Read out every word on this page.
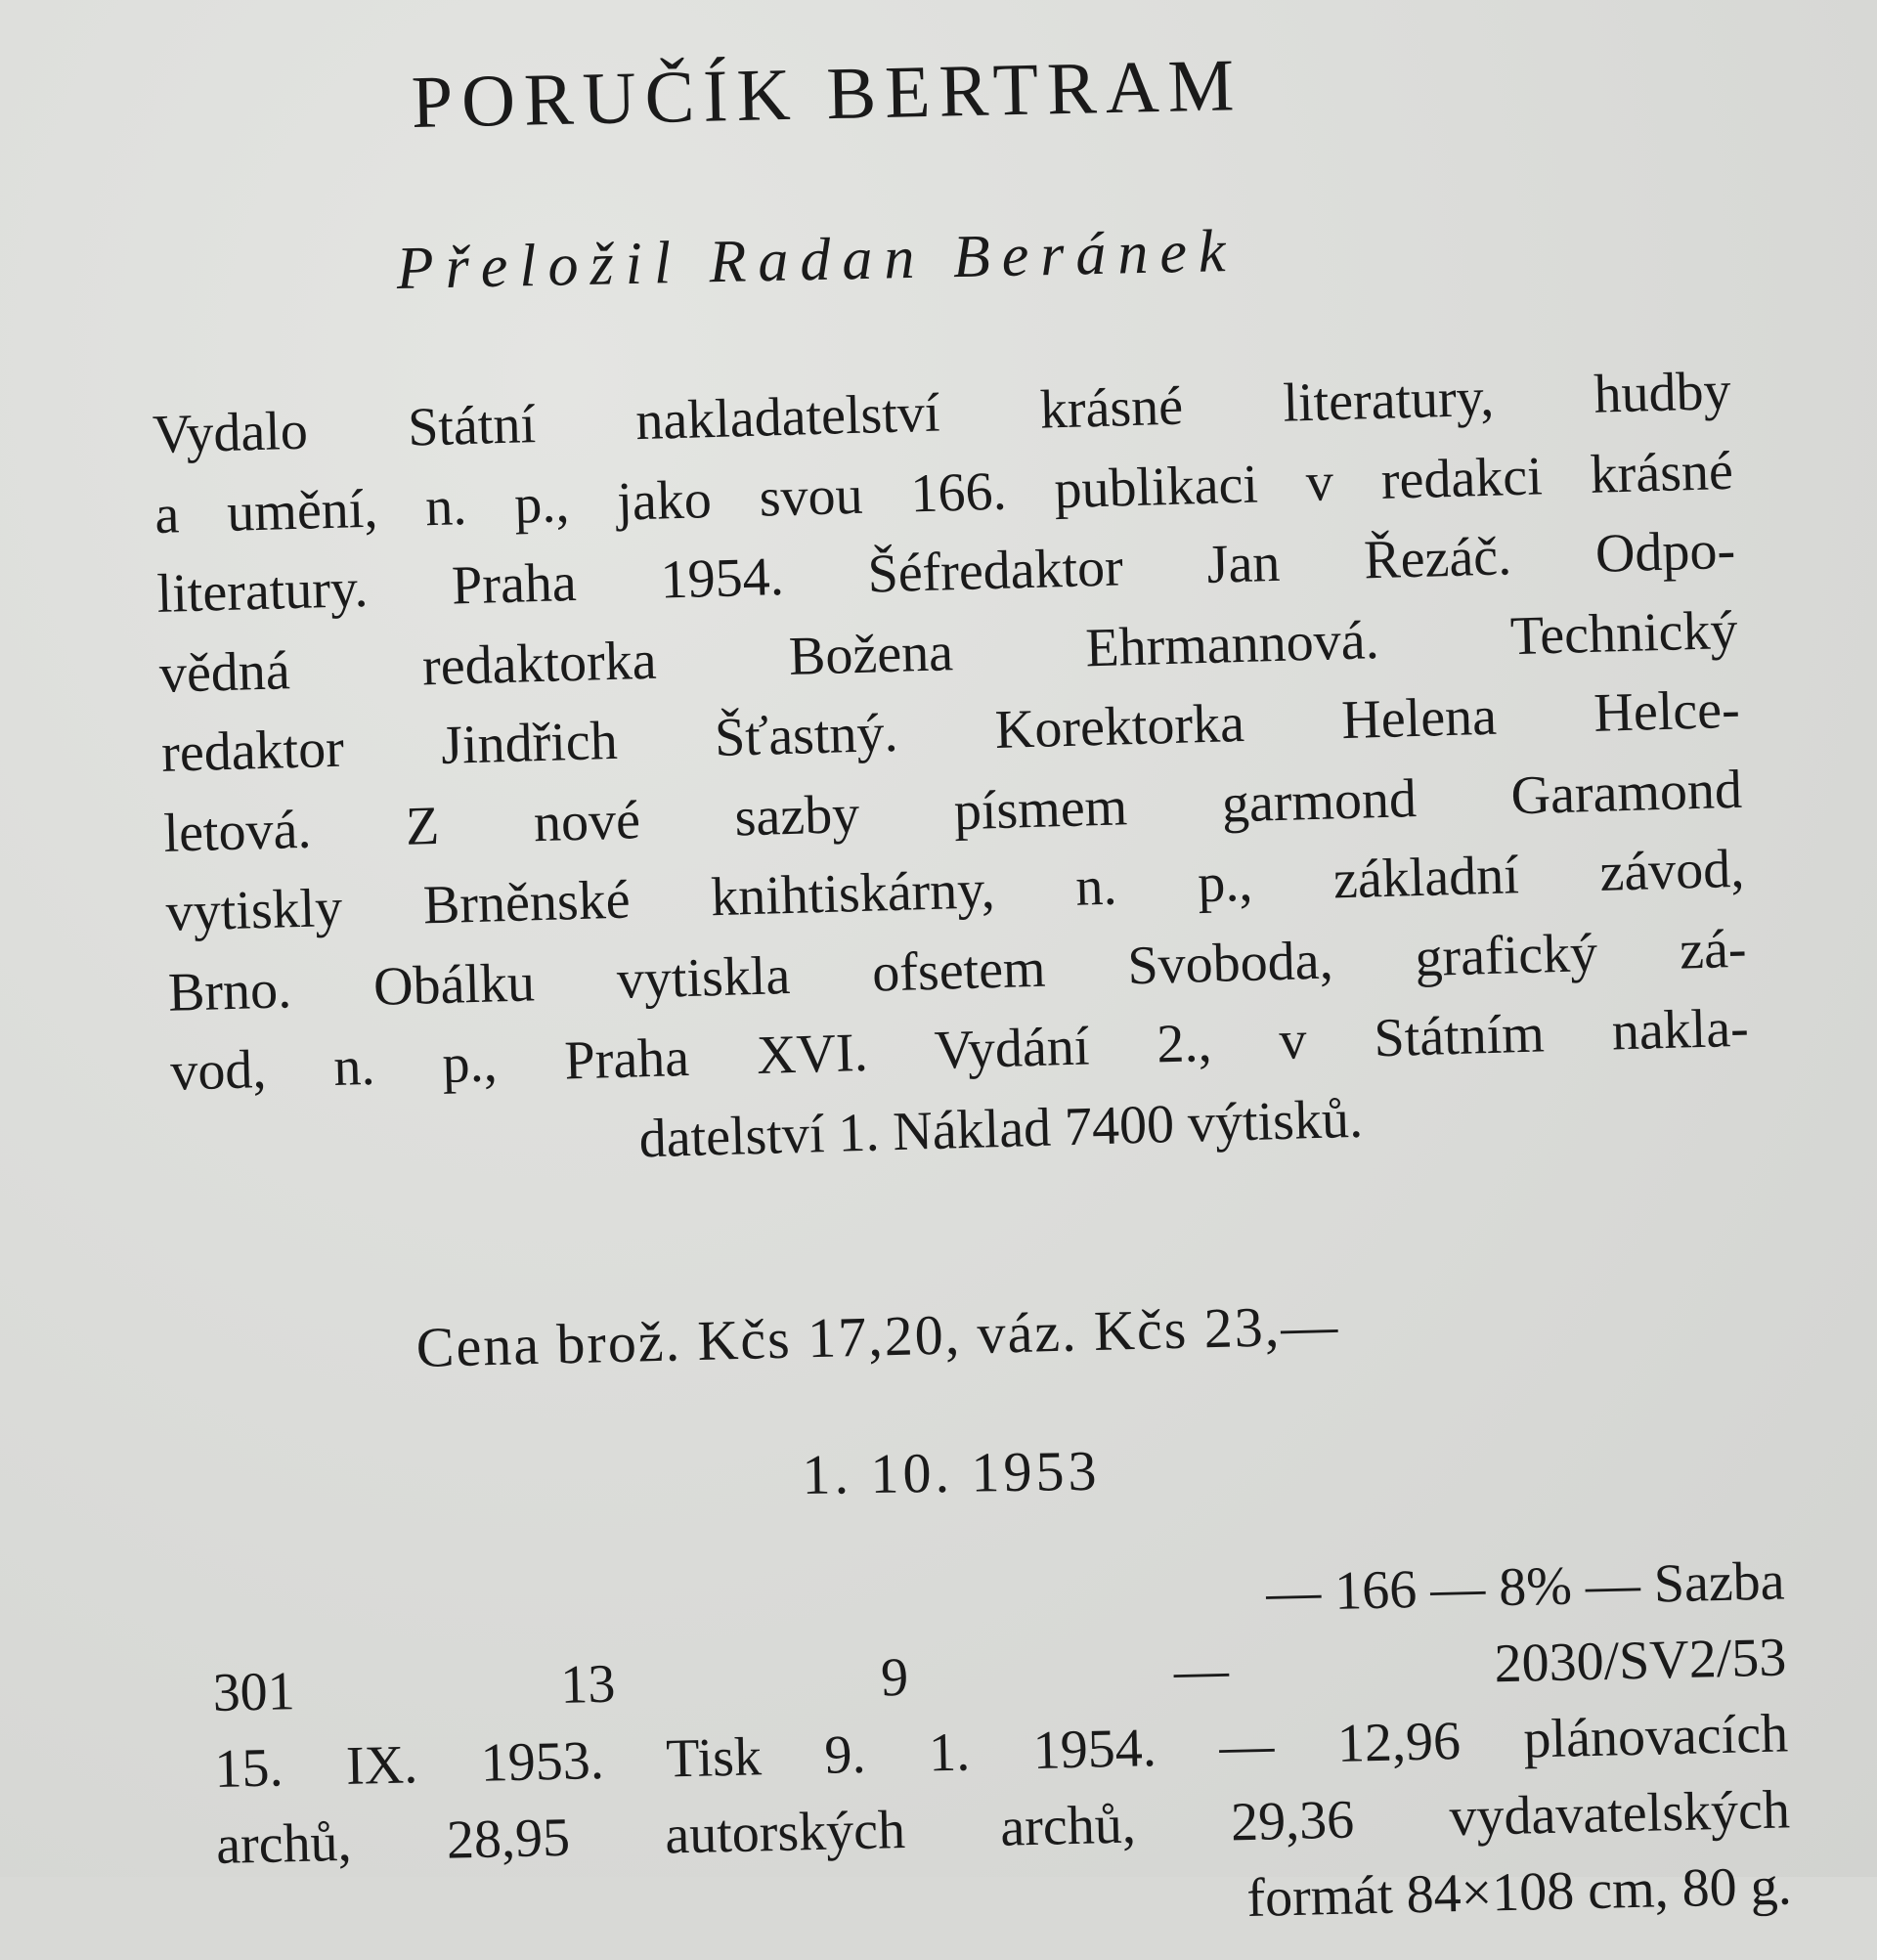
PORUČÍK BERTRAM
Přeložil Radan Beránek
Vydalo Státní nakladatelství krásné literatury, hudby
a umění, n. p., jako svou 166. publikaci v redakci krásné
literatury. Praha 1954. Šéfredaktor Jan Řezáč. Odpo-
vědná redaktorka Božena Ehrmannová. Technický
redaktor Jindřich Šťastný. Korektorka Helena Helce-
letová. Z nové sazby písmem garmond Garamond
vytiskly Brněnské knihtiskárny, n. p., základní závod,
Brno. Obálku vytiskla ofsetem Svoboda, grafický zá-
vod, n. p., Praha XVI. Vydání 2., v Státním nakla-
datelství 1. Náklad 7400 výtisků.
Cena brož. Kčs 17,20, váz. Kčs 23,—
1. 10. 1953
— 166 — 8% — Sazba
301 13 9 — 2030/SV2/53
15. IX. 1953. Tisk 9. 1. 1954. — 12,96 plánovacích
archů, 28,95 autorských archů, 29,36 vydavatelských
formát 84×108 cm, 80 g.
